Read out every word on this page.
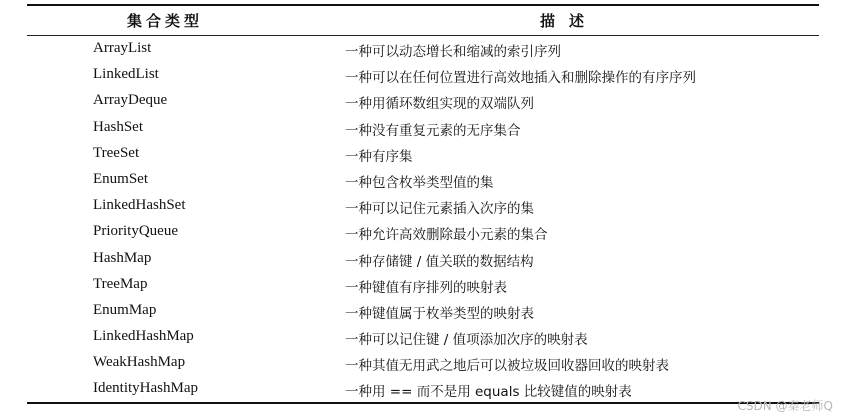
集合类型	描述
ArrayList	一种可以动态增长和缩减的索引序列
LinkedList	一种可以在任何位置进行高效地插入和删除操作的有序序列
ArrayDeque	一种用循环数组实现的双端队列
HashSet	一种没有重复元素的无序集合
TreeSet	一种有序集
EnumSet	一种包含枚举类型值的集
LinkedHashSet	一种可以记住元素插入次序的集
PriorityQueue	一种允许高效删除最小元素的集合
HashMap	一种存储键 / 值关联的数据结构
TreeMap	一种键值有序排列的映射表
EnumMap	一种键值属于枚举类型的映射表
LinkedHashMap	一种可以记住键 / 值项添加次序的映射表
WeakHashMap	一种其值无用武之地后可以被垃圾回收器回收的映射表
IdentityHashMap	一种用 == 而不是用 equals 比较键值的映射表
CSDN @秦老师Q
